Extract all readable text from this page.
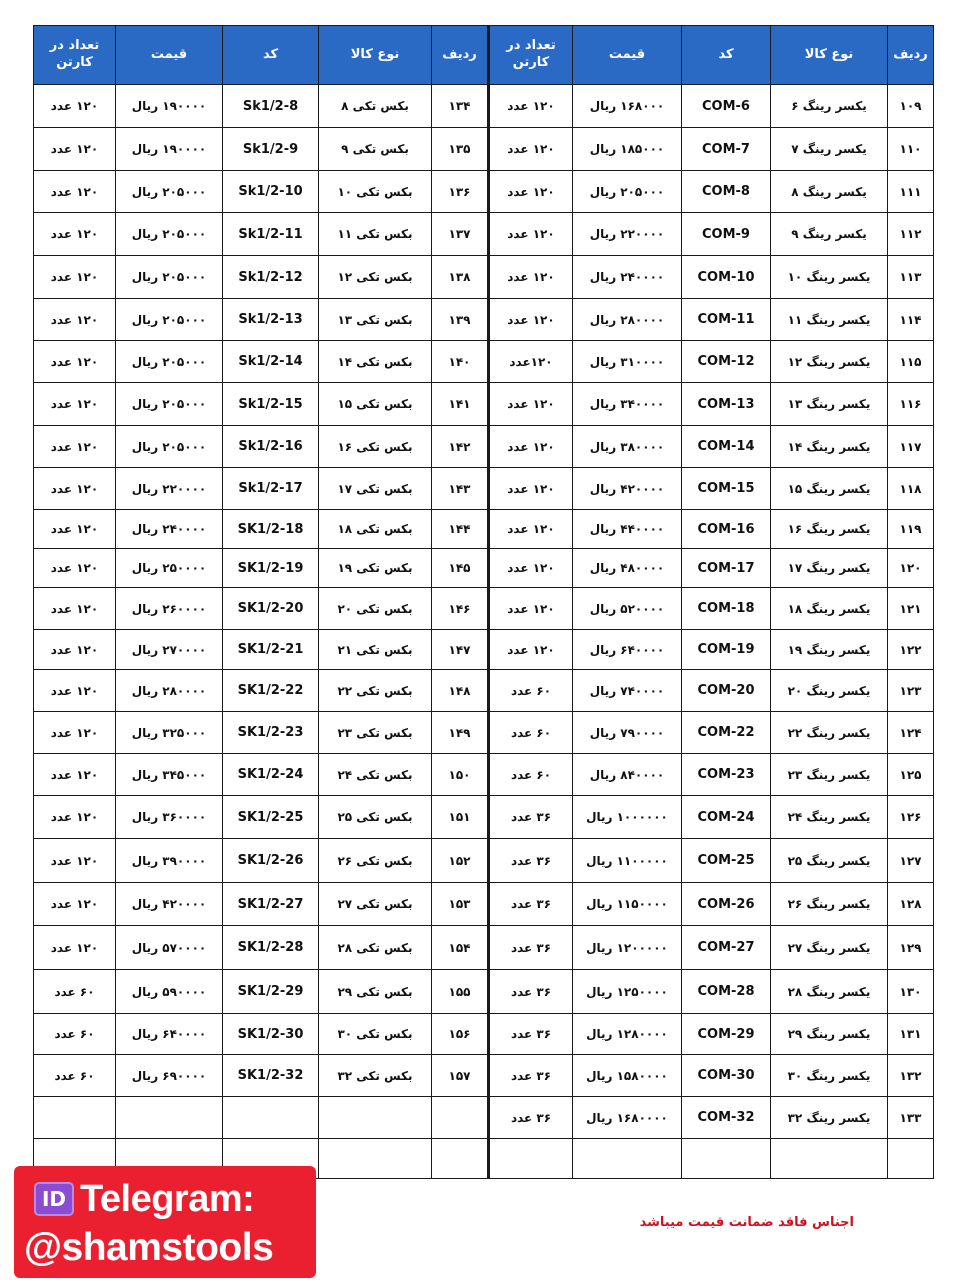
ردیف	نوع کالا	کد	قیمت	تعداد در کارتن	ردیف	نوع کالا	کد	قیمت	تعداد در کارتن
۱۰۹	یکسر رینگ ۶	COM-6	۱۶۸۰۰۰ ریال	۱۲۰ عدد	۱۳۴	بکس تکی ۸	Sk1/2-8	۱۹۰۰۰۰ ریال	۱۲۰ عدد
۱۱۰	یکسر رینگ ۷	COM-7	۱۸۵۰۰۰ ریال	۱۲۰ عدد	۱۳۵	بکس تکی ۹	Sk1/2-9	۱۹۰۰۰۰ ریال	۱۲۰ عدد
۱۱۱	یکسر رینگ ۸	COM-8	۲۰۵۰۰۰ ریال	۱۲۰ عدد	۱۳۶	بکس تکی ۱۰	Sk1/2-10	۲۰۵۰۰۰ ریال	۱۲۰ عدد
۱۱۲	یکسر رینگ ۹	COM-9	۲۲۰۰۰۰ ریال	۱۲۰ عدد	۱۳۷	بکس تکی ۱۱	Sk1/2-11	۲۰۵۰۰۰ ریال	۱۲۰ عدد
۱۱۳	یکسر رینگ ۱۰	COM-10	۲۴۰۰۰۰ ریال	۱۲۰ عدد	۱۳۸	بکس تکی ۱۲	Sk1/2-12	۲۰۵۰۰۰ ریال	۱۲۰ عدد
۱۱۴	یکسر رینگ ۱۱	COM-11	۲۸۰۰۰۰ ریال	۱۲۰ عدد	۱۳۹	بکس تکی ۱۳	Sk1/2-13	۲۰۵۰۰۰ ریال	۱۲۰ عدد
۱۱۵	یکسر رینگ ۱۲	COM-12	۳۱۰۰۰۰ ریال	۱۲۰عدد	۱۴۰	بکس تکی ۱۴	Sk1/2-14	۲۰۵۰۰۰ ریال	۱۲۰ عدد
۱۱۶	یکسر رینگ ۱۳	COM-13	۳۴۰۰۰۰ ریال	۱۲۰ عدد	۱۴۱	بکس تکی ۱۵	Sk1/2-15	۲۰۵۰۰۰ ریال	۱۲۰ عدد
۱۱۷	یکسر رینگ ۱۴	COM-14	۳۸۰۰۰۰ ریال	۱۲۰ عدد	۱۴۲	بکس تکی ۱۶	Sk1/2-16	۲۰۵۰۰۰ ریال	۱۲۰ عدد
۱۱۸	یکسر رینگ ۱۵	COM-15	۴۲۰۰۰۰ ریال	۱۲۰ عدد	۱۴۳	بکس تکی ۱۷	Sk1/2-17	۲۲۰۰۰۰ ریال	۱۲۰ عدد
۱۱۹	یکسر رینگ ۱۶	COM-16	۴۴۰۰۰۰ ریال	۱۲۰ عدد	۱۴۴	بکس تکی ۱۸	SK1/2-18	۲۴۰۰۰۰ ریال	۱۲۰ عدد
۱۲۰	یکسر رینگ ۱۷	COM-17	۴۸۰۰۰۰ ریال	۱۲۰ عدد	۱۴۵	بکس تکی ۱۹	SK1/2-19	۲۵۰۰۰۰ ریال	۱۲۰ عدد
۱۲۱	یکسر رینگ ۱۸	COM-18	۵۲۰۰۰۰ ریال	۱۲۰ عدد	۱۴۶	بکس تکی ۲۰	SK1/2-20	۲۶۰۰۰۰ ریال	۱۲۰ عدد
۱۲۲	یکسر رینگ ۱۹	COM-19	۶۴۰۰۰۰ ریال	۱۲۰ عدد	۱۴۷	بکس تکی ۲۱	SK1/2-21	۲۷۰۰۰۰ ریال	۱۲۰ عدد
۱۲۳	یکسر رینگ ۲۰	COM-20	۷۴۰۰۰۰ ریال	۶۰ عدد	۱۴۸	بکس تکی ۲۲	SK1/2-22	۲۸۰۰۰۰ ریال	۱۲۰ عدد
۱۲۴	یکسر رینگ ۲۲	COM-22	۷۹۰۰۰۰ ریال	۶۰ عدد	۱۴۹	بکس تکی ۲۳	SK1/2-23	۳۲۵۰۰۰ ریال	۱۲۰ عدد
۱۲۵	یکسر رینگ ۲۳	COM-23	۸۴۰۰۰۰ ریال	۶۰ عدد	۱۵۰	بکس تکی ۲۴	SK1/2-24	۳۴۵۰۰۰ ریال	۱۲۰ عدد
۱۲۶	یکسر رینگ ۲۴	COM-24	۱۰۰۰۰۰۰ ریال	۳۶ عدد	۱۵۱	بکس تکی ۲۵	SK1/2-25	۳۶۰۰۰۰ ریال	۱۲۰ عدد
۱۲۷	یکسر رینگ ۲۵	COM-25	۱۱۰۰۰۰۰ ریال	۳۶ عدد	۱۵۲	بکس تکی ۲۶	SK1/2-26	۳۹۰۰۰۰ ریال	۱۲۰ عدد
۱۲۸	یکسر رینگ ۲۶	COM-26	۱۱۵۰۰۰۰ ریال	۳۶ عدد	۱۵۳	بکس تکی ۲۷	SK1/2-27	۴۲۰۰۰۰ ریال	۱۲۰ عدد
۱۲۹	یکسر رینگ ۲۷	COM-27	۱۲۰۰۰۰۰ ریال	۳۶ عدد	۱۵۴	بکس تکی ۲۸	SK1/2-28	۵۷۰۰۰۰ ریال	۱۲۰ عدد
۱۳۰	یکسر رینگ ۲۸	COM-28	۱۲۵۰۰۰۰ ریال	۳۶ عدد	۱۵۵	بکس تکی ۲۹	SK1/2-29	۵۹۰۰۰۰ ریال	۶۰ عدد
۱۳۱	یکسر رینگ ۲۹	COM-29	۱۲۸۰۰۰۰ ریال	۳۶ عدد	۱۵۶	بکس تکی ۳۰	SK1/2-30	۶۴۰۰۰۰ ریال	۶۰ عدد
۱۳۲	یکسر رینگ ۳۰	COM-30	۱۵۸۰۰۰۰ ریال	۳۶ عدد	۱۵۷	بکس تکی ۳۲	SK1/2-32	۶۹۰۰۰۰ ریال	۶۰ عدد
۱۳۳	یکسر رینگ ۳۲	COM-32	۱۶۸۰۰۰۰ ریال	۳۶ عدد					

اجناس فاقد ضمانت قیمت میباشد
ID Telegram:
@shamstools
